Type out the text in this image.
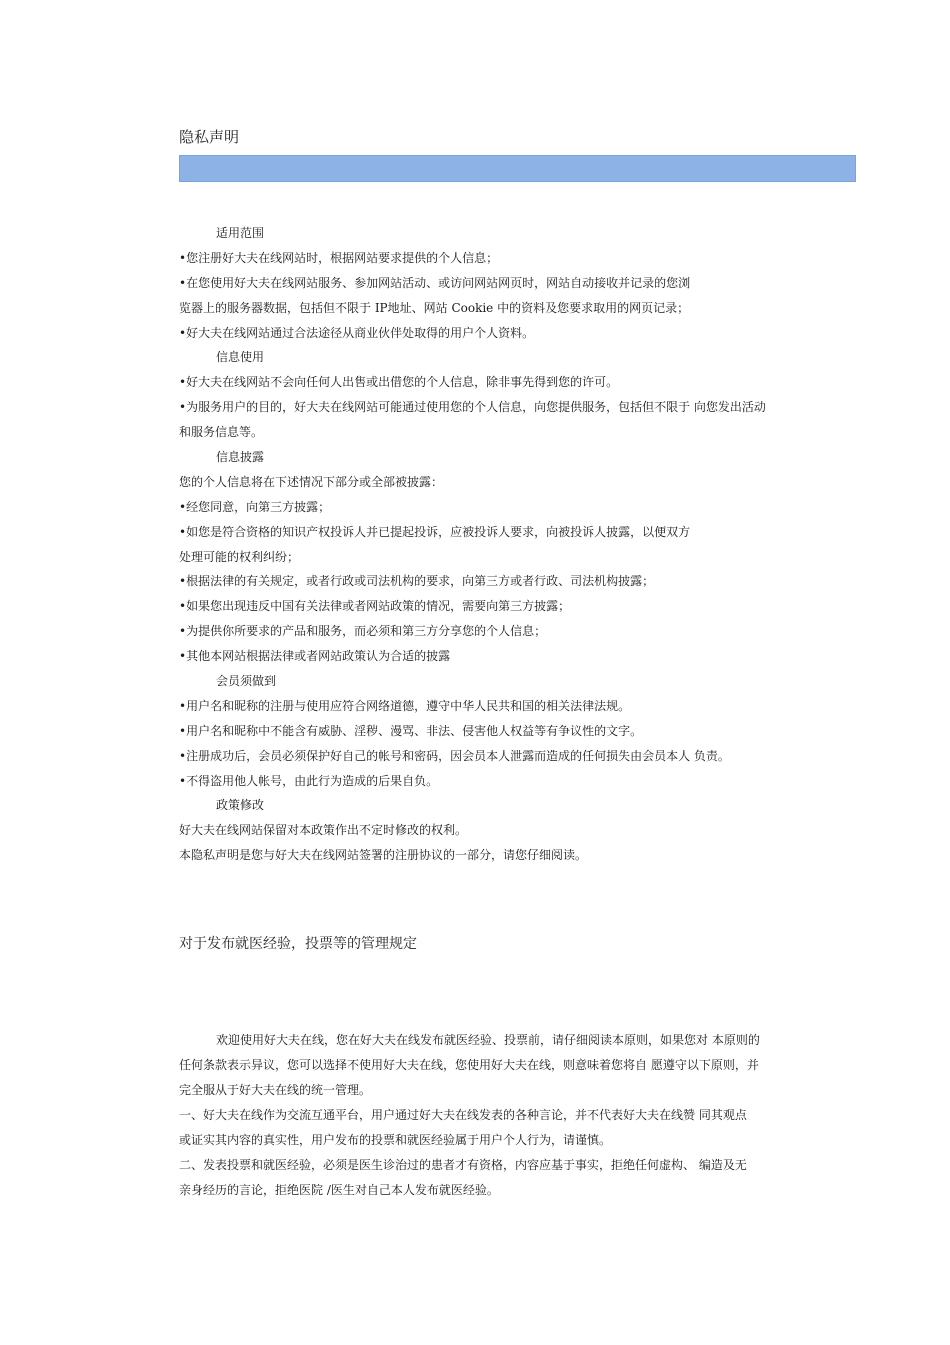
隐私声明
适用范围
•您注册好大夫在线网站时，根据网站要求提供的个人信息；
•在您使用好大夫在线网站服务、参加网站活动、或访问网站网页时，网站自动接收并记录的您浏
览器上的服务器数据，包括但不限于 IP地址、网站 Cookie 中的资料及您要求取用的网页记录；
•好大夫在线网站通过合法途径从商业伙伴处取得的用户个人资料。
信息使用
•好大夫在线网站不会向任何人出售或出借您的个人信息，除非事先得到您的许可。
•为服务用户的目的，好大夫在线网站可能通过使用您的个人信息，向您提供服务，包括但不限于 向您发出活动
和服务信息等。
信息披露
您的个人信息将在下述情况下部分或全部被披露：
•经您同意，向第三方披露；
•如您是符合资格的知识产权投诉人并已提起投诉，应被投诉人要求，向被投诉人披露，以便双方
处理可能的权利纠纷；
•根据法律的有关规定，或者行政或司法机构的要求，向第三方或者行政、司法机构披露；
•如果您出现违反中国有关法律或者网站政策的情况，需要向第三方披露；
•为提供你所要求的产品和服务，而必须和第三方分享您的个人信息；
•其他本网站根据法律或者网站政策认为合适的披露
会员须做到
•用户名和昵称的注册与使用应符合网络道德，遵守中华人民共和国的相关法律法规。
•用户名和昵称中不能含有威胁、淫秽、漫骂、非法、侵害他人权益等有争议性的文字。
•注册成功后，会员必须保护好自己的帐号和密码，因会员本人泄露而造成的任何损失由会员本人 负责。
•不得盗用他人帐号，由此行为造成的后果自负。
政策修改
好大夫在线网站保留对本政策作出不定时修改的权利。
本隐私声明是您与好大夫在线网站签署的注册协议的一部分，请您仔细阅读。
对于发布就医经验，投票等的管理规定
欢迎使用好大夫在线，您在好大夫在线发布就医经验、投票前，请仔细阅读本原则，如果您对 本原则的
任何条款表示异议，您可以选择不使用好大夫在线，您使用好大夫在线，则意味着您将自 愿遵守以下原则，并
完全服从于好大夫在线的统一管理。
一、好大夫在线作为交流互通平台，用户通过好大夫在线发表的各种言论，并不代表好大夫在线赞 同其观点
或证实其内容的真实性，用户发布的投票和就医经验属于用户个人行为，请谨慎。
二、发表投票和就医经验，必须是医生诊治过的患者才有资格，内容应基于事实，拒绝任何虚构、 编造及无
亲身经历的言论，拒绝医院 /医生对自己本人发布就医经验。
